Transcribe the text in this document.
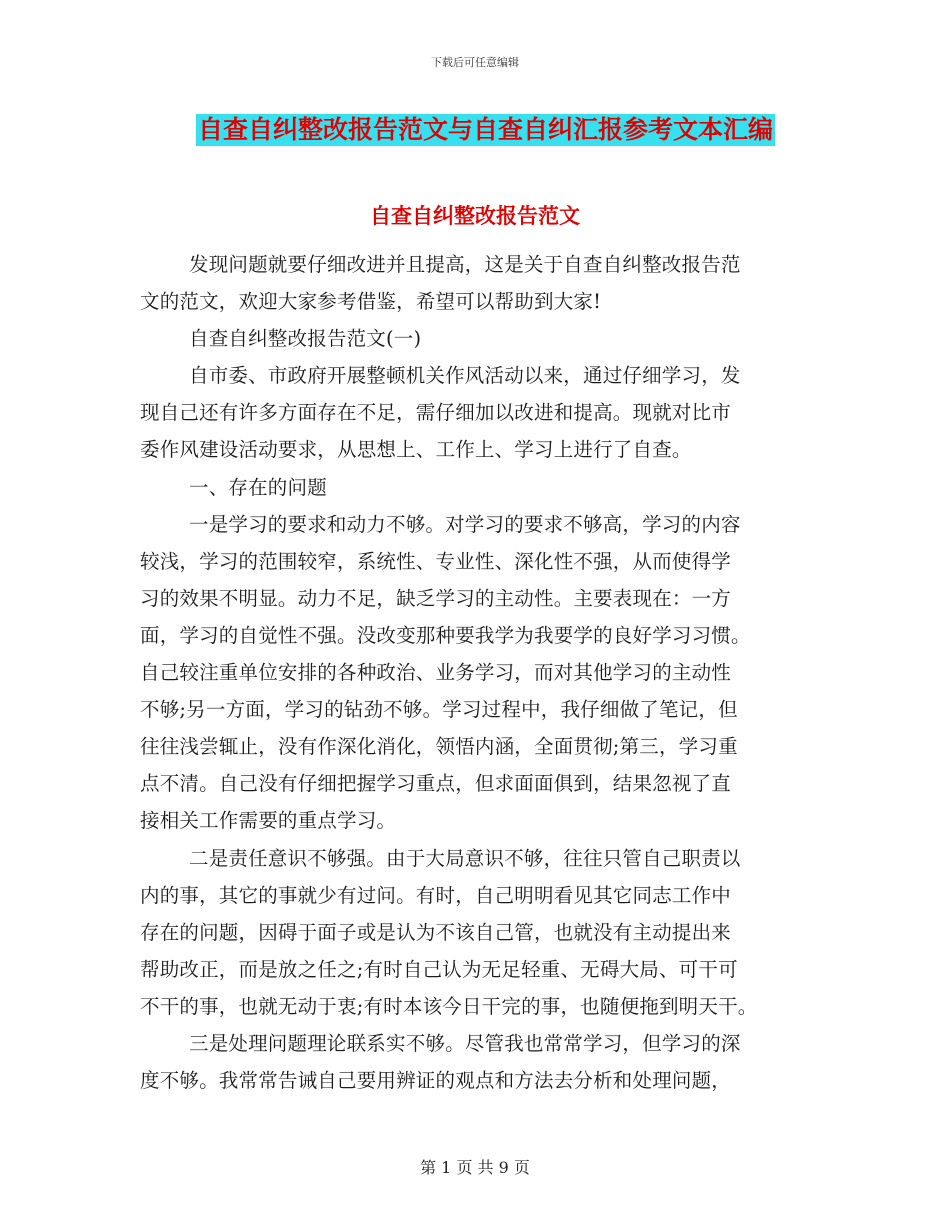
下载后可任意编辑
自查自纠整改报告范文与自查自纠汇报参考文本汇编
自查自纠整改报告范文
发现问题就要仔细改进并且提高，这是关于自查自纠整改报告范
文的范文，欢迎大家参考借鉴，希望可以帮助到大家!
自查自纠整改报告范文(一)
自市委、市政府开展整顿机关作风活动以来，通过仔细学习，发
现自己还有许多方面存在不足，需仔细加以改进和提高。现就对比市
委作风建设活动要求，从思想上、工作上、学习上进行了自查。
一、存在的问题
一是学习的要求和动力不够。对学习的要求不够高，学习的内容
较浅，学习的范围较窄，系统性、专业性、深化性不强，从而使得学
习的效果不明显。动力不足，缺乏学习的主动性。主要表现在：一方
面，学习的自觉性不强。没改变那种要我学为我要学的良好学习习惯。
自己较注重单位安排的各种政治、业务学习，而对其他学习的主动性
不够;另一方面，学习的钻劲不够。学习过程中，我仔细做了笔记，但
往往浅尝辄止，没有作深化消化，领悟内涵，全面贯彻;第三，学习重
点不清。自己没有仔细把握学习重点，但求面面俱到，结果忽视了直
接相关工作需要的重点学习。
二是责任意识不够强。由于大局意识不够，往往只管自己职责以
内的事，其它的事就少有过问。有时，自己明明看见其它同志工作中
存在的问题，因碍于面子或是认为不该自己管，也就没有主动提出来
帮助改正，而是放之任之;有时自己认为无足轻重、无碍大局、可干可
不干的事，也就无动于衷;有时本该今日干完的事，也随便拖到明天干。
三是处理问题理论联系实不够。尽管我也常常学习，但学习的深
度不够。我常常告诫自己要用辨证的观点和方法去分析和处理问题，
第 1 页 共 9 页
